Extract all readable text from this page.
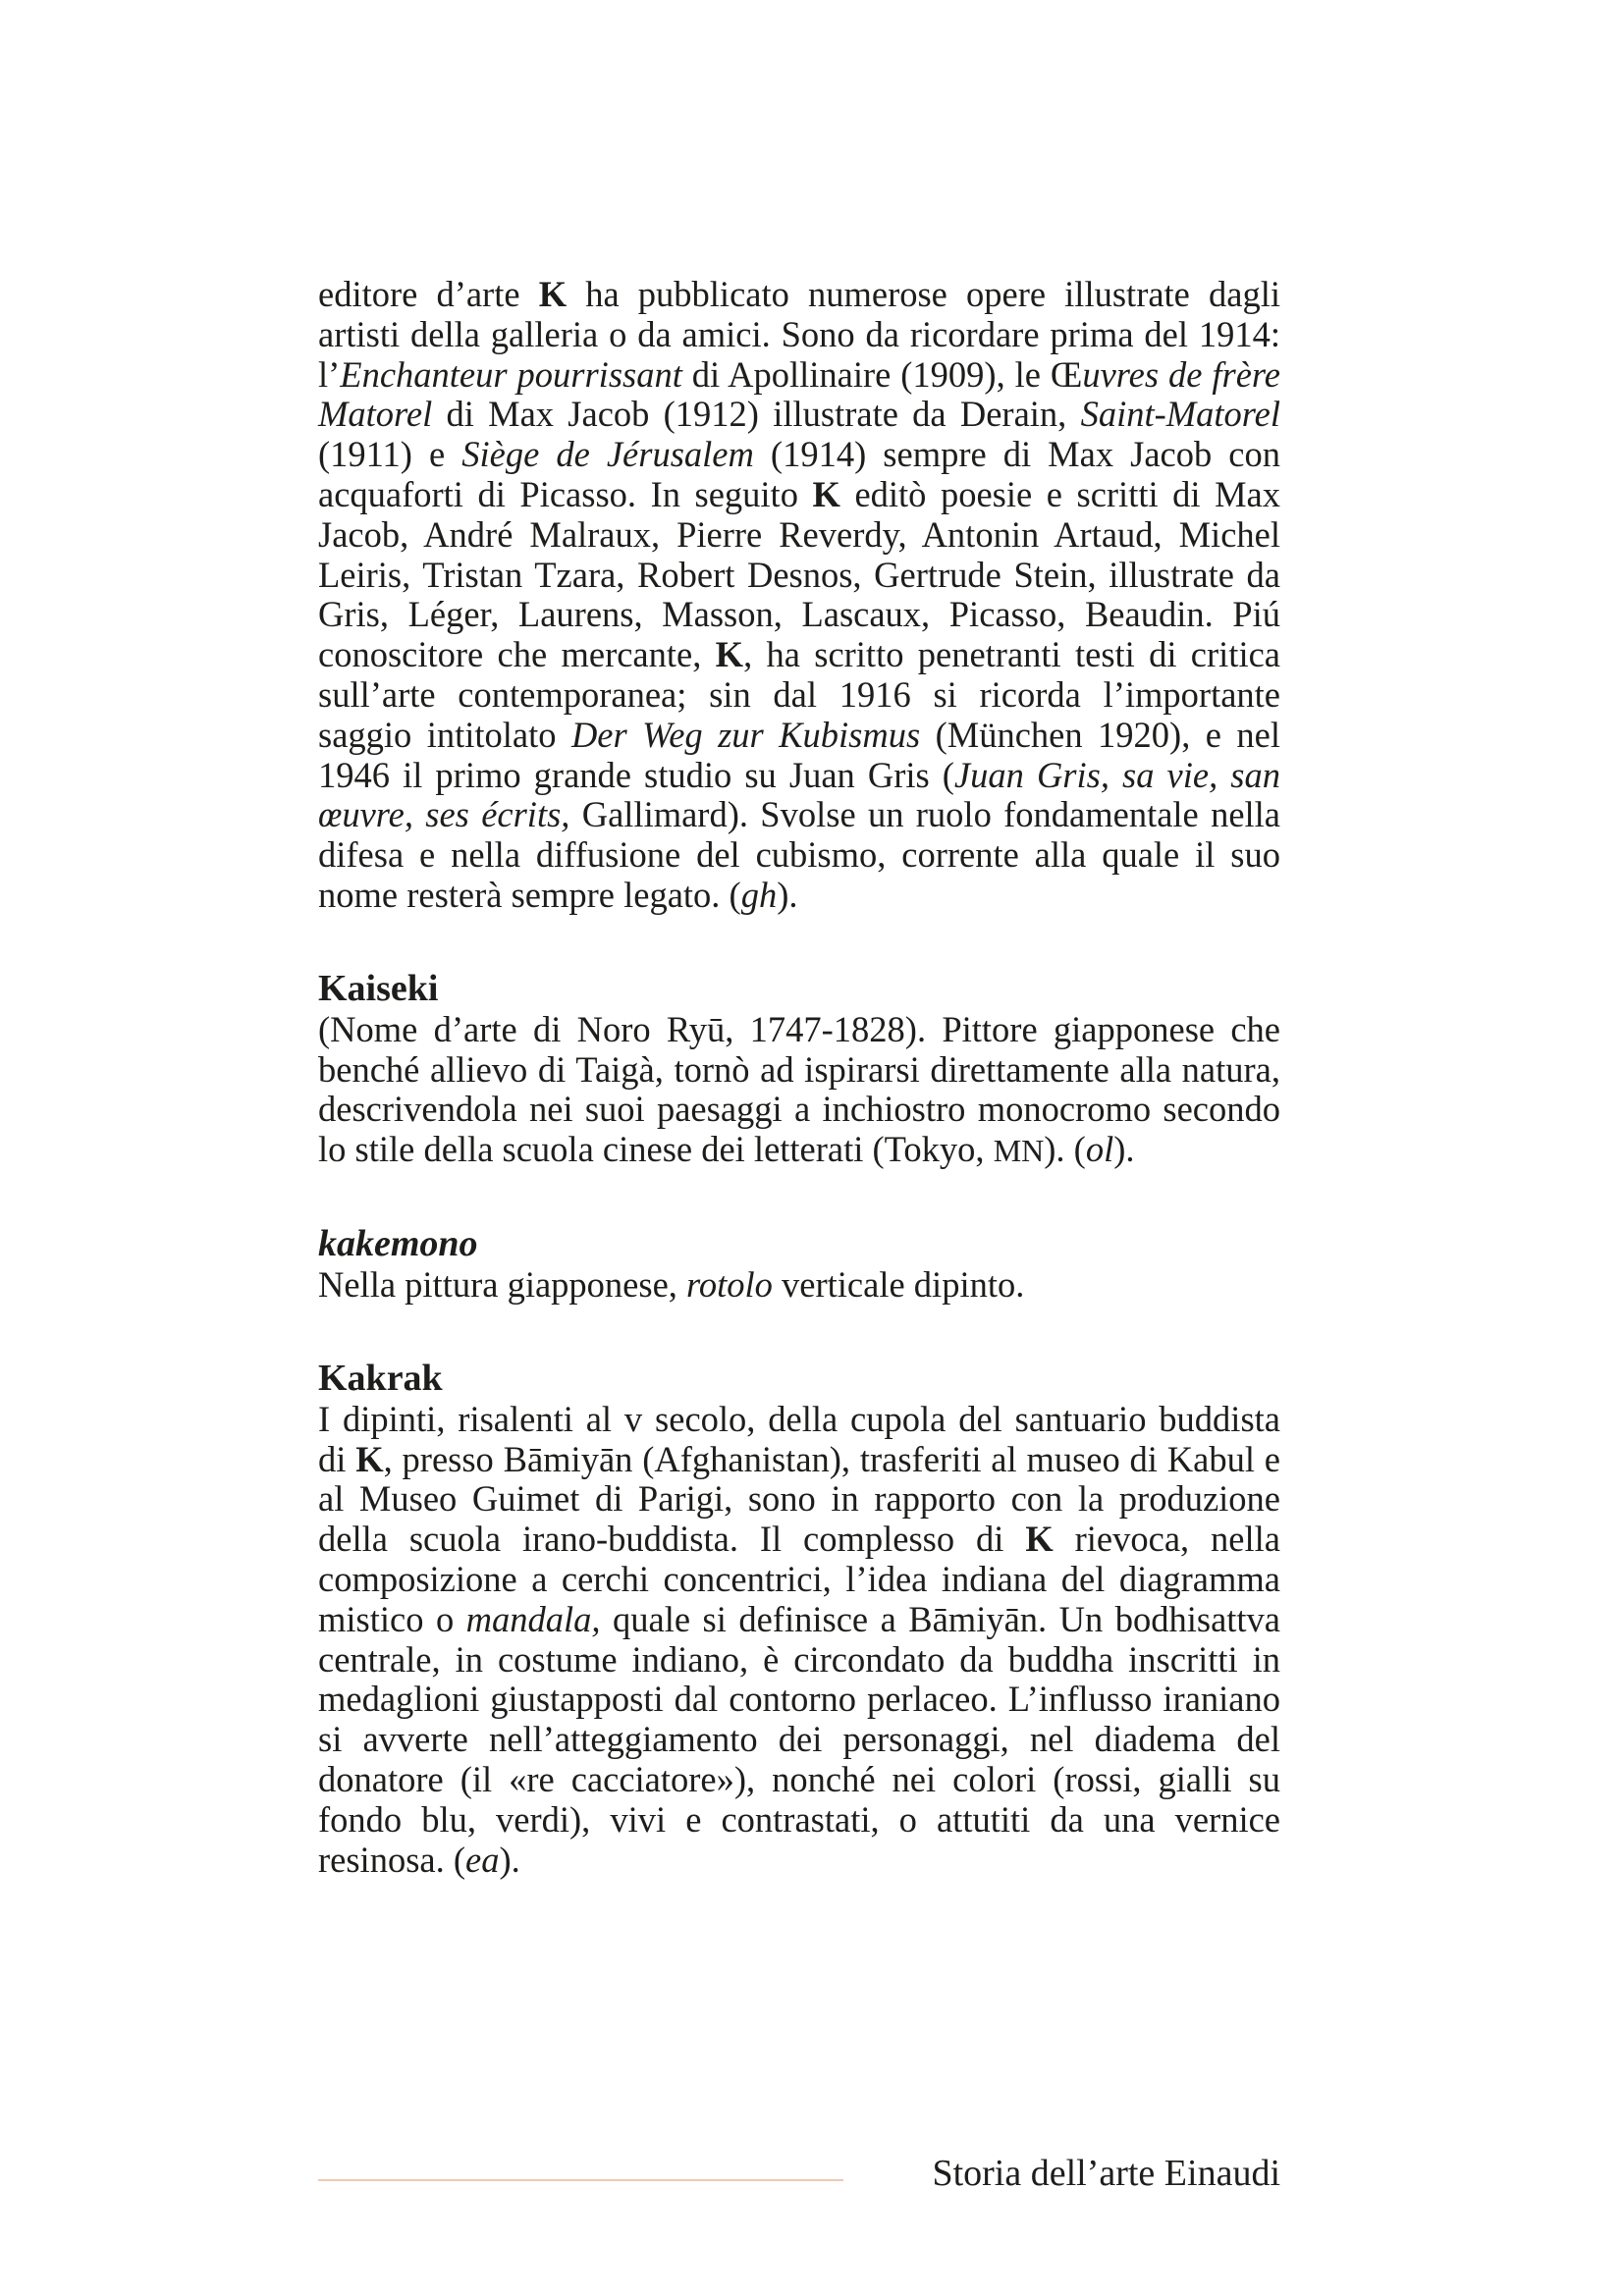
editore d’arte K ha pubblicato numerose opere illustrate dagli artisti della galleria o da amici. Sono da ricordare prima del 1914: l’Enchanteur pourrissant di Apollinaire (1909), le Œuvres de frère Matorel di Max Jacob (1912) illustrate da Derain, Saint-Matorel (1911) e Siège de Jérusalem (1914) sempre di Max Jacob con acquaforti di Picasso. In seguito K editò poesie e scritti di Max Jacob, André Malraux, Pierre Reverdy, Antonin Artaud, Michel Leiris, Tristan Tzara, Robert Desnos, Gertrude Stein, illustrate da Gris, Léger, Laurens, Masson, Lascaux, Picasso, Beaudin. Piú conoscitore che mercante, K, ha scritto penetranti testi di critica sull’arte contemporanea; sin dal 1916 si ricorda l’importante saggio intitolato Der Weg zur Kubismus (München 1920), e nel 1946 il primo grande studio su Juan Gris (Juan Gris, sa vie, san œuvre, ses écrits, Gallimard). Svolse un ruolo fondamentale nella difesa e nella diffusione del cubismo, corrente alla quale il suo nome resterà sempre legato. (gh).

Kaiseki

(Nome d’arte di Noro Ryū, 1747-1828). Pittore giapponese che benché allievo di Taigà, tornò ad ispirarsi direttamente alla natura, descrivendola nei suoi paesaggi a inchiostro monocromo secondo lo stile della scuola cinese dei letterati (Tokyo, MN). (ol).

kakemono

Nella pittura giapponese, rotolo verticale dipinto.

Kakrak

I dipinti, risalenti al v secolo, della cupola del santuario buddista di K, presso Bāmiyān (Afghanistan), trasferiti al museo di Kabul e al Museo Guimet di Parigi, sono in rapporto con la produzione della scuola irano-buddista. Il complesso di K rievoca, nella composizione a cerchi concentrici, l’idea indiana del diagramma mistico o mandala, quale si definisce a Bāmiyān. Un bodhisattva centrale, in costume indiano, è circondato da buddha inscritti in medaglioni giustapposti dal contorno perlaceo. L’influsso iraniano si avverte nell’atteggiamento dei personaggi, nel diadema del donatore (il «re cacciatore»), nonché nei colori (rossi, gialli su fondo blu, verdi), vivi e contrastati, o attutiti da una vernice resinosa. (ea).

Storia dell’arte Einaudi
